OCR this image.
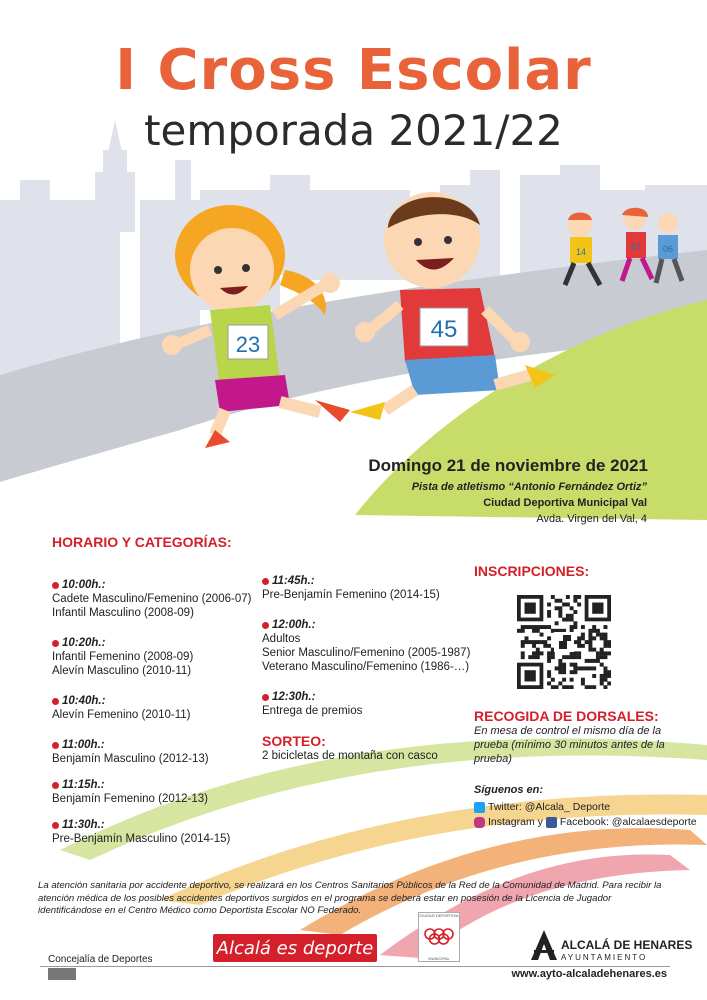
I Cross Escolar
temporada 2021/22
23
45
14	67 06
Domingo 21 de noviembre de 2021
Pista de atletismo “Antonio Fernández Ortiz”
Ciudad Deportiva Municipal Val
Avda. Virgen del Val, 4
HORARIO Y CATEGORÍAS:
10:00h.:
Cadete Masculino/Femenino (2006-07)
Infantil Masculino (2008-09)
10:20h.:
Infantil Femenino (2008-09)
Alevín Masculino (2010-11)
10:40h.:
Alevín Femenino (2010-11)
11:00h.:
Benjamín Masculino (2012-13)
11:15h.:
Benjamín Femenino (2012-13)
11:30h.:
Pre-Benjamín Masculino (2014-15)
11:45h.:
Pre-Benjamín Femenino (2014-15)
12:00h.:
Adultos
Senior Masculino/Femenino (2005-1987)
Veterano Masculino/Femenino (1986-…)
12:30h.:
Entrega de premios
SORTEO:
2 bicicletas de montaña con casco
INSCRIPCIONES:
RECOGIDA DE DORSALES:
En mesa de control el mismo día de la prueba (mínimo 30 minutos antes de la prueba)
Síguenos en:
Twitter: @Alcala_ Deporte
Instagram y Facebook: @alcalaesdeporte
La atención sanitaria por accidente deportivo, se realizará en los Centros Sanitarios Públicos de la Red de la Comunidad de Madrid. Para recibir la atención médica de los posibles accidentes deportivos surgidos en el programa se deberá estar en posesión de la Licencia de Jugador identificándose en el Centro Médico como Deportista Escolar NO Federado.
Concejalía de Deportes
Alcalá es deporte
CIUDAD DEPORTIVA
MUNICIPAL
ALCALÁ DE HENARES
AYUNTAMIENTO
www.ayto-alcaladehenares.es
